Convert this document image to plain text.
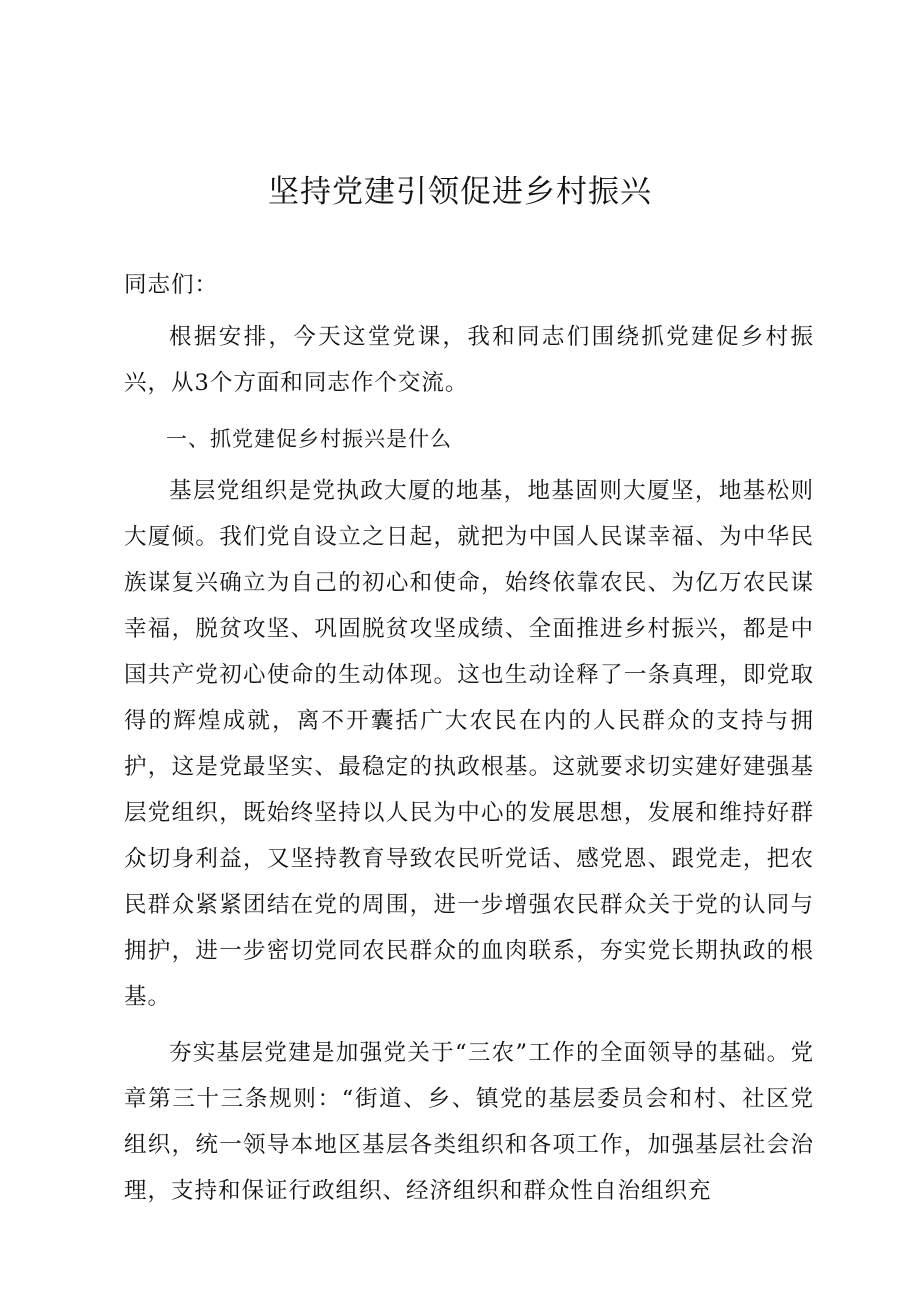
坚持党建引领促进乡村振兴

同志们：

根据安排，今天这堂党课，我和同志们围绕抓党建促乡村振兴，从3个方面和同志作个交流。

一、抓党建促乡村振兴是什么

基层党组织是党执政大厦的地基，地基固则大厦坚，地基松则大厦倾。我们党自设立之日起，就把为中国人民谋幸福、为中华民族谋复兴确立为自己的初心和使命，始终依靠农民、为亿万农民谋幸福，脱贫攻坚、巩固脱贫攻坚成绩、全面推进乡村振兴，都是中国共产党初心使命的生动体现。这也生动诠释了一条真理，即党取得的辉煌成就，离不开囊括广大农民在内的人民群众的支持与拥护，这是党最坚实、最稳定的执政根基。这就要求切实建好建强基层党组织，既始终坚持以人民为中心的发展思想，发展和维持好群众切身利益，又坚持教育导致农民听党话、感党恩、跟党走，把农民群众紧紧团结在党的周围，进一步增强农民群众关于党的认同与拥护，进一步密切党同农民群众的血肉联系，夯实党长期执政的根基。

夯实基层党建是加强党关于“三农”工作的全面领导的基础。党章第三十三条规则：“街道、乡、镇党的基层委员会和村、社区党组织，统一领导本地区基层各类组织和各项工作，加强基层社会治理，支持和保证行政组织、经济组织和群众性自治组织充
